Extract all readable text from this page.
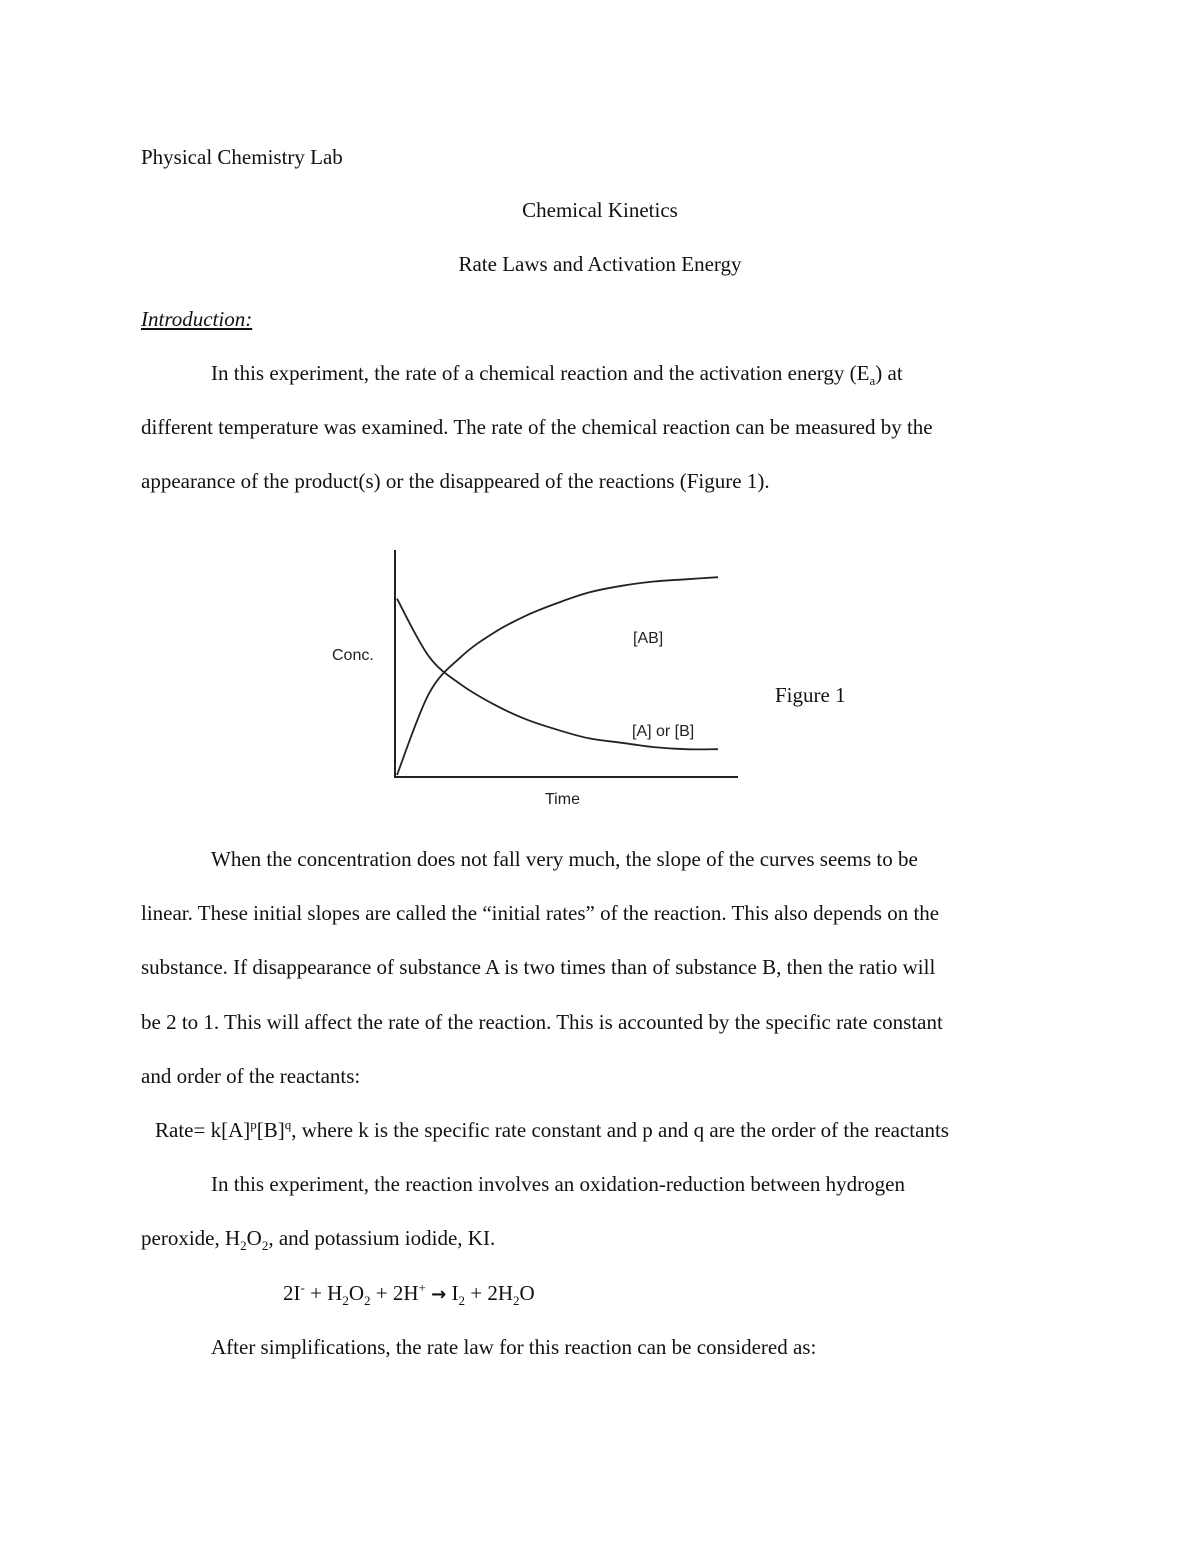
Physical Chemistry Lab
Chemical Kinetics
Rate Laws and Activation Energy
Introduction:
In this experiment, the rate of a chemical reaction and the activation energy $(E_a)$ at
different temperature was examined. The rate of the chemical reaction can be measured by the
appearance of the product(s) or the disappeared of the reactions (Figure 1).
Conc.
Time
[AB]
[A] or [B]
Figure 1
When the concentration does not fall very much, the slope of the curves seems to be
linear. These initial slopes are called the “initial rates” of the reaction. This also depends on the
substance. If disappearance of substance A is two times than of substance B, then the ratio will
be 2 to 1. This will affect the rate of the reaction. This is accounted by the specific rate constant
and order of the reactants:
Rate= $k[A]^p[B]^q$, where k is the specific rate constant and p and q are the order of the reactants
In this experiment, the reaction involves an oxidation-reduction between hydrogen
peroxide, $H_2O_2$, and potassium iodide, KI.
$2I^- + H_2O_2 + 2H^+ \to I_2 + 2H_2O$
After simplifications, the rate law for this reaction can be considered as:
